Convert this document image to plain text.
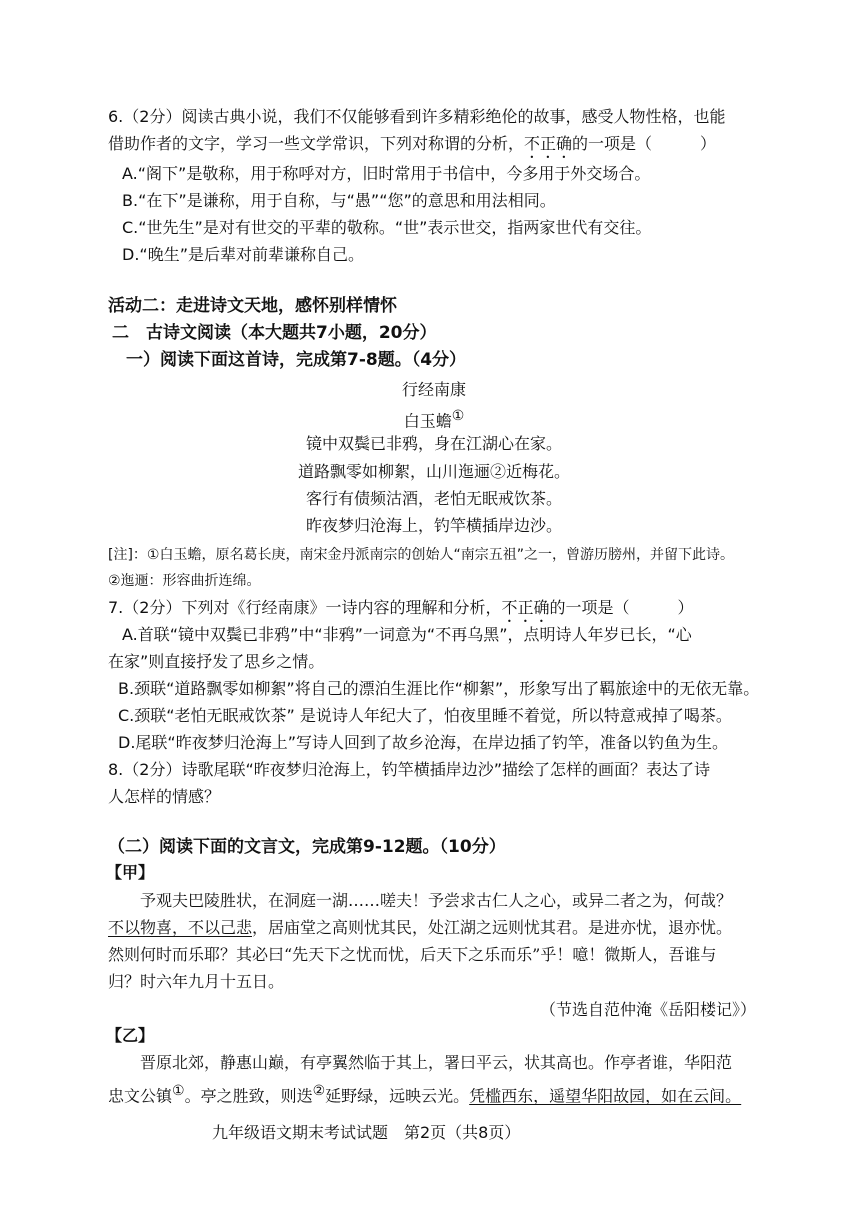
6.（2分）阅读古典小说，我们不仅能够看到许多精彩绝伦的故事，感受人物性格，也能
借助作者的文字，学习一些文学常识，下列对称谓的分析，不正确的一项是（　　　）
A.“阁下”是敬称，用于称呼对方，旧时常用于书信中，今多用于外交场合。
B.“在下”是谦称，用于自称，与“愚”“您”的意思和用法相同。
C.“世先生”是对有世交的平辈的敬称。“世”表示世交，指两家世代有交往。
D.“晚生”是后辈对前辈谦称自己。
活动二：走进诗文天地，感怀别样情怀
二　古诗文阅读（本大题共7小题，20分）
一）阅读下面这首诗，完成第7-8题。（4分）
行经南康
白玉蟾①
镜中双鬓已非鸦，身在江湖心在家。
道路飘零如柳絮，山川迤逦②近梅花。
客行有债频沽酒，老怕无眠戒饮茶。
昨夜梦归沧海上，钓竿横插岸边沙。
[注]：①白玉蟾，原名葛长庚，南宋金丹派南宗的创始人“南宗五祖”之一，曾游历膀州，并留下此诗。
②迤逦：形容曲折连绵。
7.（2分）下列对《行经南康》一诗内容的理解和分析，不正确的一项是（　　　）
A.首联“镜中双鬓已非鸦”中“非鸦”一词意为“不再乌黑”，点明诗人年岁已长，“心
在家”则直接抒发了思乡之情。
B.颈联“道路飘零如柳絮”将自己的漂泊生涯比作“柳絮”，形象写出了羁旅途中的无依无靠。
C.颈联“老怕无眠戒饮茶” 是说诗人年纪大了，怕夜里睡不着觉，所以特意戒掉了喝茶。
D.尾联“昨夜梦归沧海上”写诗人回到了故乡沧海，在岸边插了钓竿，准备以钓鱼为生。
8.（2分）诗歌尾联“昨夜梦归沧海上，钓竿横插岸边沙”描绘了怎样的画面？表达了诗
人怎样的情感？
（二）阅读下面的文言文，完成第9-12题。（10分）
【甲】
予观夫巴陵胜状，在洞庭一湖……嗟夫！予尝求古仁人之心，或异二者之为，何哉？
不以物喜，不以己悲，居庙堂之高则忧其民，处江湖之远则忧其君。是进亦忧，退亦忧。
然则何时而乐耶？其必曰“先天下之忧而忧，后天下之乐而乐”乎！噫！微斯人，吾谁与
归？时六年九月十五日。
（节选自范仲淹《岳阳楼记》）
【乙】
晋原北郊，静惠山巅，有亭翼然临于其上，署曰平云，状其高也。作亭者谁，华阳范
忠文公镇①。亭之胜致，则迭②延野绿，远映云光。凭槛西东，遥望华阳故园，如在云间。
九年级语文期末考试试题　第2页（共8页）
